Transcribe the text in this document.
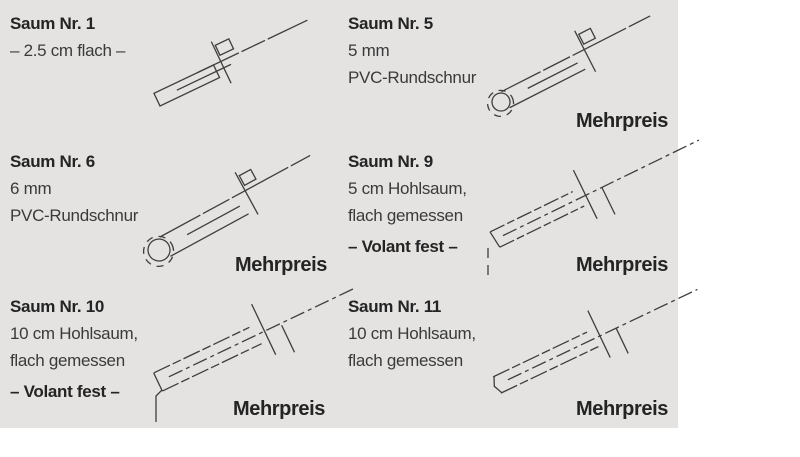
Saum Nr. 1
– 2.5 cm flach –
Saum Nr. 5
5 mm
PVC-Rundschnur
Saum Nr. 6
6 mm
PVC-Rundschnur
Saum Nr. 9
5 cm Hohlsaum,
flach gemessen
– Volant fest –
Saum Nr. 10
10 cm Hohlsaum,
flach gemessen
– Volant fest –
Saum Nr. 11
10 cm Hohlsaum,
flach gemessen
Mehrpreis
Mehrpreis	Mehrpreis
Mehrpreis	Mehrpreis
